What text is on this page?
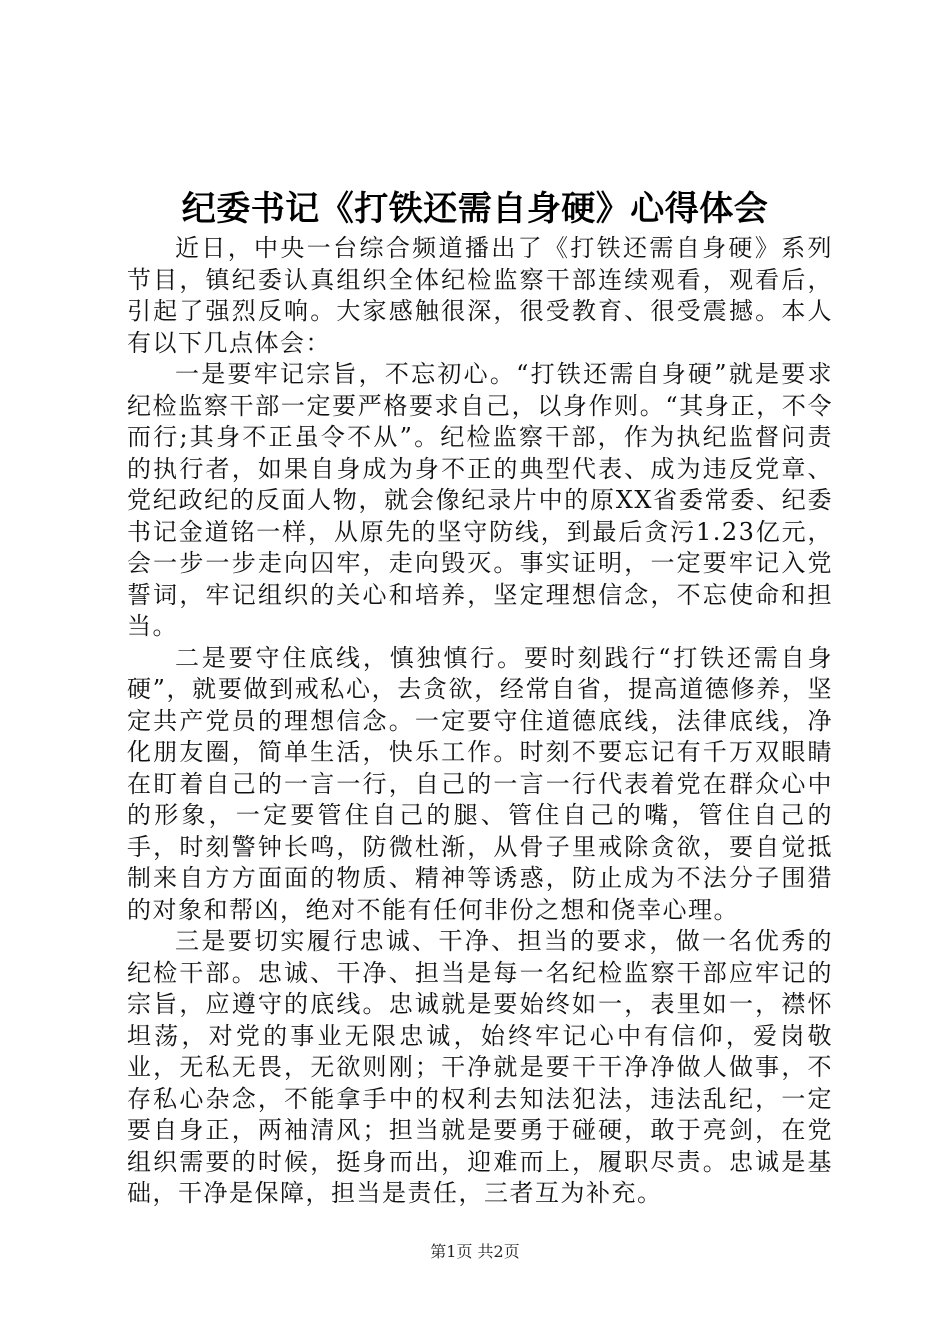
纪委书记《打铁还需自身硬》心得体会

近日，中央一台综合频道播出了《打铁还需自身硬》系列节目，镇纪委认真组织全体纪检监察干部连续观看，观看后，引起了强烈反响。大家感触很深，很受教育、很受震撼。本人有以下几点体会：

一是要牢记宗旨，不忘初心。“打铁还需自身硬”就是要求纪检监察干部一定要严格要求自己，以身作则。“其身正，不令而行;其身不正虽令不从”。纪检监察干部，作为执纪监督问责的执行者，如果自身成为身不正的典型代表、成为违反党章、党纪政纪的反面人物，就会像纪录片中的原XX省委常委、纪委书记金道铭一样，从原先的坚守防线，到最后贪污1.23亿元，会一步一步走向囚牢，走向毁灭。事实证明，一定要牢记入党誓词，牢记组织的关心和培养，坚定理想信念，不忘使命和担当。

二是要守住底线，慎独慎行。要时刻践行“打铁还需自身硬”，就要做到戒私心，去贪欲，经常自省，提高道德修养，坚定共产党员的理想信念。一定要守住道德底线，法律底线，净化朋友圈，简单生活，快乐工作。时刻不要忘记有千万双眼睛在盯着自己的一言一行，自己的一言一行代表着党在群众心中的形象，一定要管住自己的腿、管住自己的嘴，管住自己的手，时刻警钟长鸣，防微杜渐，从骨子里戒除贪欲，要自觉抵制来自方方面面的物质、精神等诱惑，防止成为不法分子围猎的对象和帮凶，绝对不能有任何非份之想和侥幸心理。

三是要切实履行忠诚、干净、担当的要求，做一名优秀的纪检干部。忠诚、干净、担当是每一名纪检监察干部应牢记的宗旨，应遵守的底线。忠诚就是要始终如一，表里如一，襟怀坦荡，对党的事业无限忠诚，始终牢记心中有信仰，爱岗敬业，无私无畏，无欲则刚；干净就是要干干净净做人做事，不存私心杂念，不能拿手中的权利去知法犯法，违法乱纪，一定要自身正，两袖清风；担当就是要勇于碰硬，敢于亮剑，在党组织需要的时候，挺身而出，迎难而上，履职尽责。忠诚是基础，干净是保障，担当是责任，三者互为补充。

第1页 共2页
